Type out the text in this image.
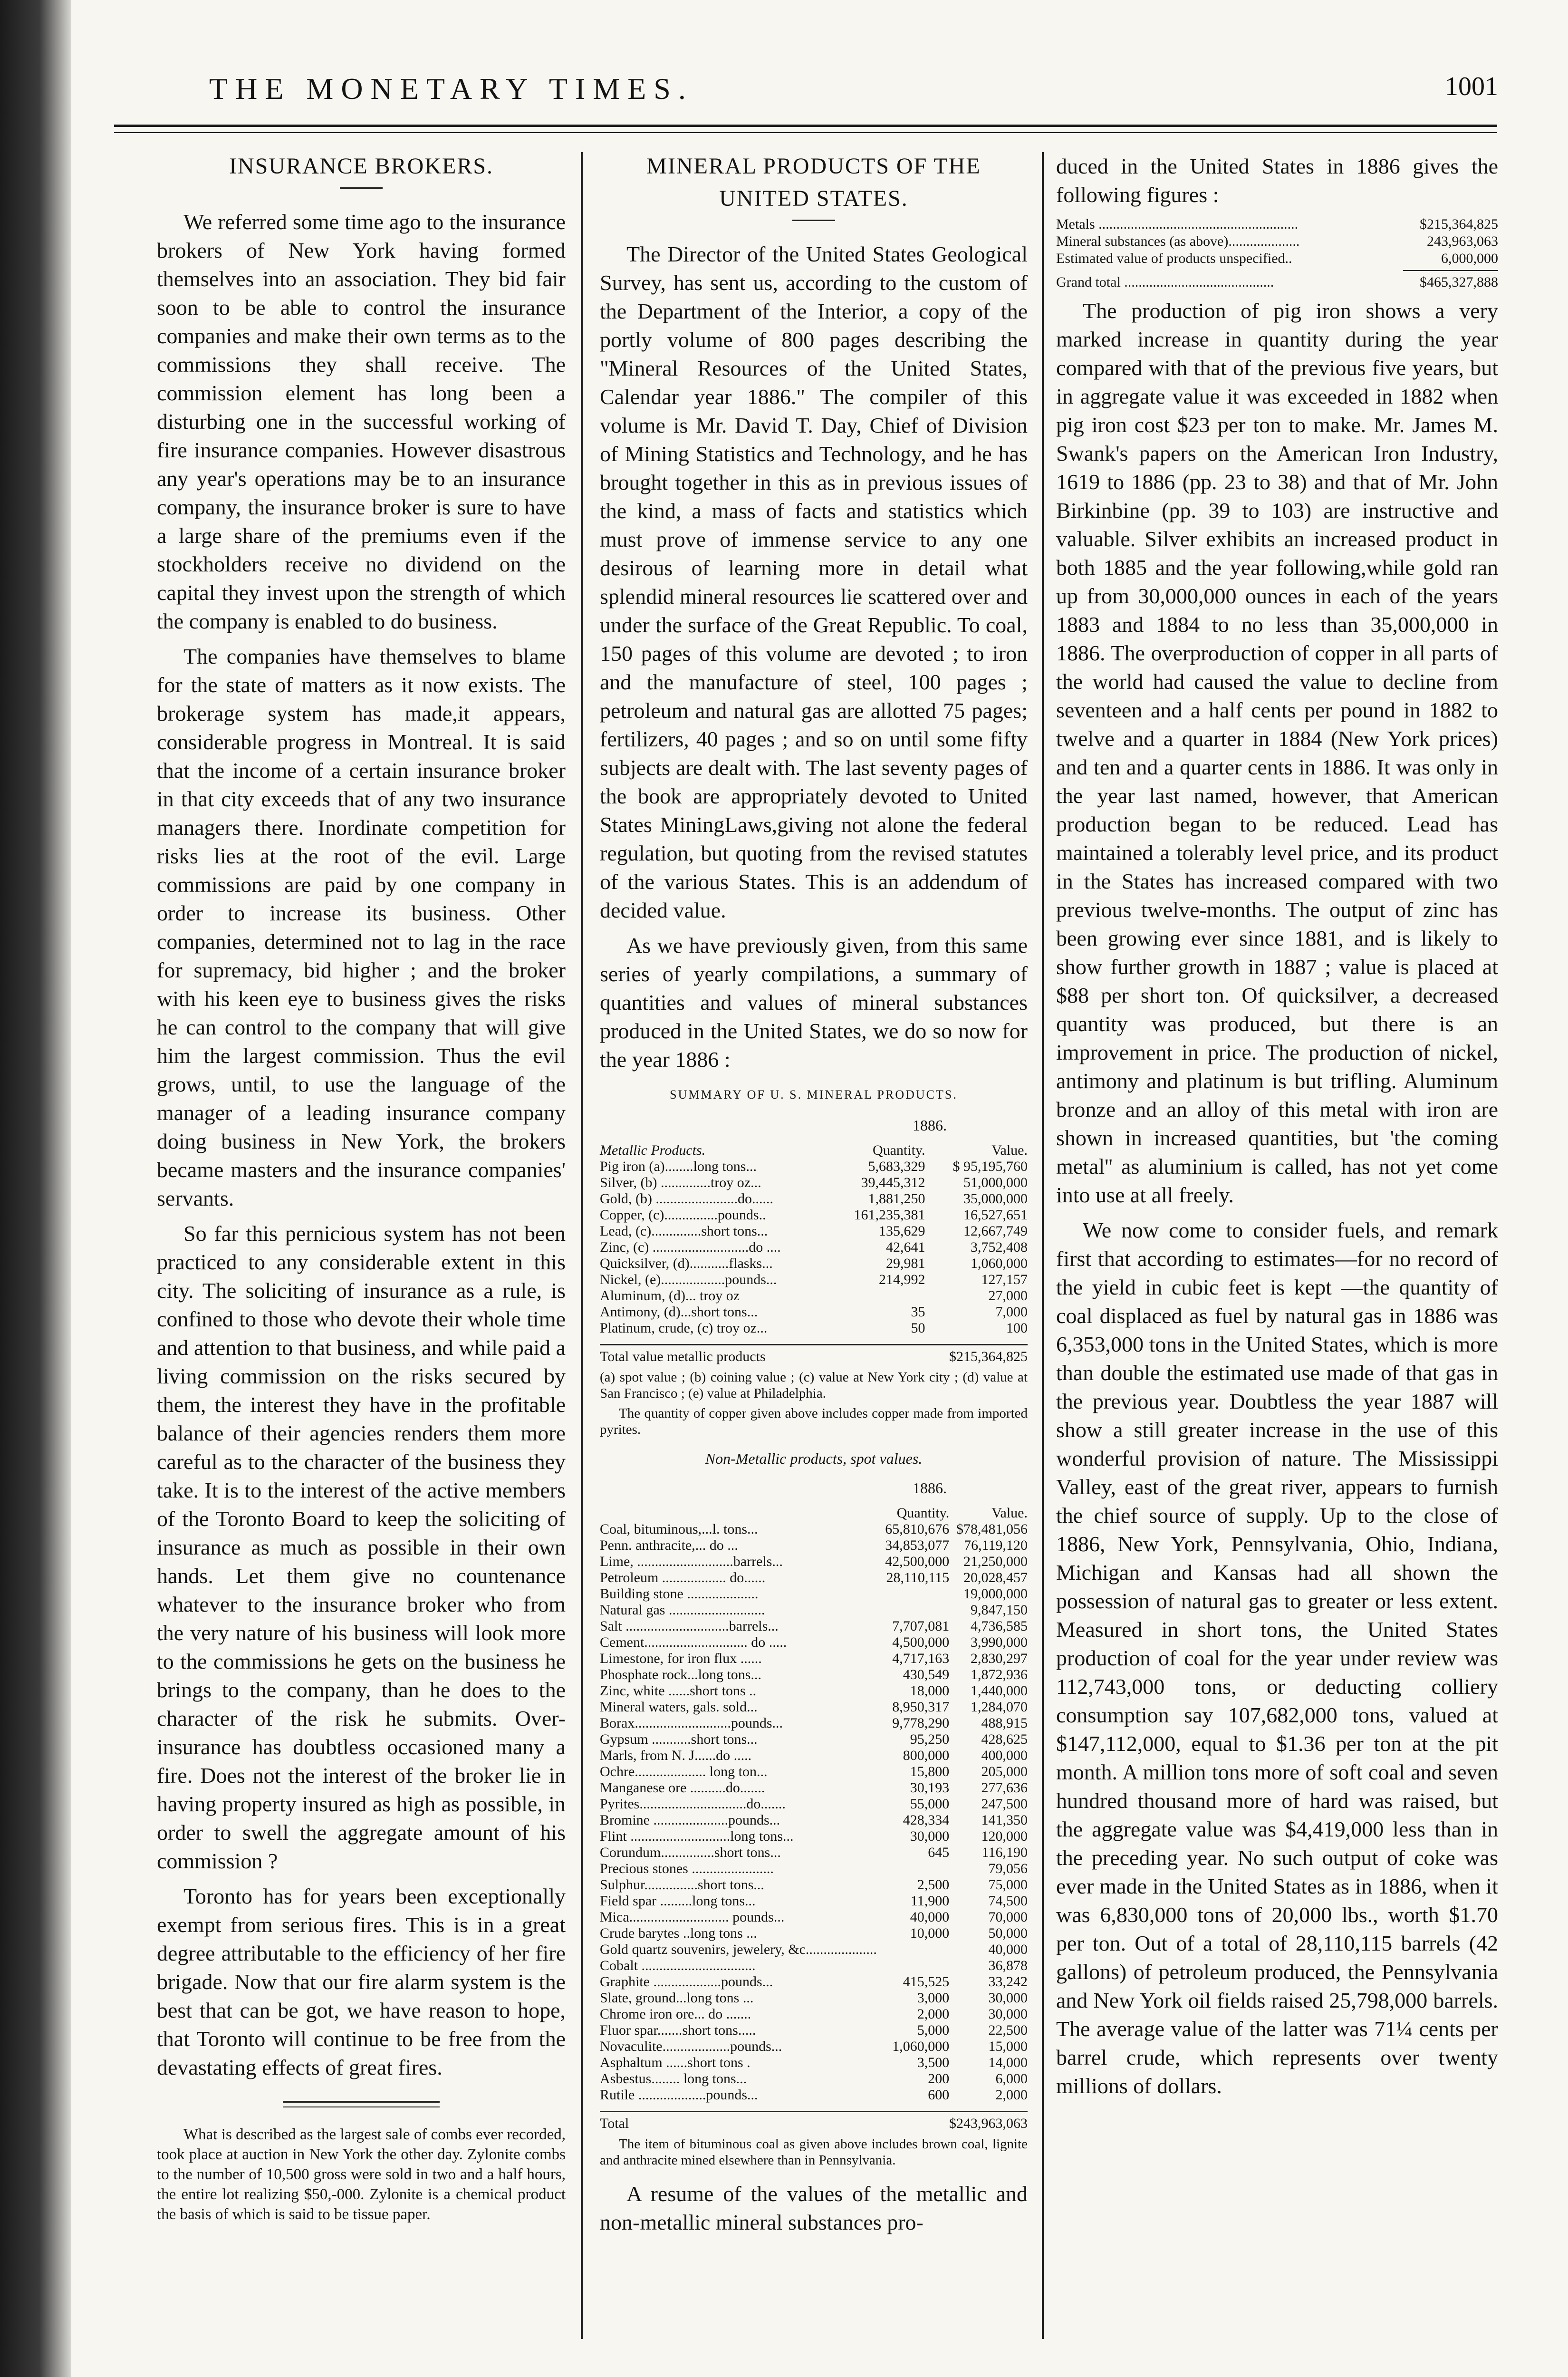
THE MONETARY TIMES.	1001
INSURANCE BROKERS.

We referred some time ago to the insurance brokers of New York having formed themselves into an association. They bid fair soon to be able to control the insurance companies and make their own terms as to the commissions they shall receive. The commission element has long been a disturbing one in the successful working of fire insurance companies. However disastrous any year's operations may be to an insurance company, the insurance broker is sure to have a large share of the premiums even if the stockholders receive no dividend on the capital they invest upon the strength of which the company is enabled to do business.

The companies have themselves to blame for the state of matters as it now exists. The brokerage system has made,it appears, considerable progress in Montreal. It is said that the income of a certain insurance broker in that city exceeds that of any two insurance managers there. Inordinate competition for risks lies at the root of the evil. Large commissions are paid by one company in order to increase its business. Other companies, determined not to lag in the race for supremacy, bid higher ; and the broker with his keen eye to business gives the risks he can control to the company that will give him the largest commission. Thus the evil grows, until, to use the language of the manager of a leading insurance company doing business in New York, the brokers became masters and the insurance companies' servants.

So far this pernicious system has not been practiced to any considerable extent in this city. The soliciting of insurance as a rule, is confined to those who devote their whole time and attention to that business, and while paid a living commission on the risks secured by them, the interest they have in the profitable balance of their agencies renders them more careful as to the character of the business they take. It is to the interest of the active members of the Toronto Board to keep the soliciting of insurance as much as possible in their own hands. Let them give no countenance whatever to the insurance broker who from the very nature of his business will look more to the commissions he gets on the business he brings to the company, than he does to the character of the risk he submits. Over-insurance has doubtless occasioned many a fire. Does not the interest of the broker lie in having property insured as high as possible, in order to swell the aggregate amount of his commission ?

Toronto has for years been exceptionally exempt from serious fires. This is in a great degree attributable to the efficiency of her fire brigade. Now that our fire alarm system is the best that can be got, we have reason to hope, that Toronto will continue to be free from the devastating effects of great fires.

What is described as the largest sale of combs ever recorded, took place at auction in New York the other day. Zylonite combs to the number of 10,500 gross were sold in two and a half hours, the entire lot realizing $50,-000. Zylonite is a chemical product the basis of which is said to be tissue paper.

MINERAL PRODUCTS OF THE
UNITED STATES.

The Director of the United States Geological Survey, has sent us, according to the custom of the Department of the Interior, a copy of the portly volume of 800 pages describing the "Mineral Resources of the United States, Calendar year 1886." The compiler of this volume is Mr. David T. Day, Chief of Division of Mining Statistics and Technology, and he has brought together in this as in previous issues of the kind, a mass of facts and statistics which must prove of immense service to any one desirous of learning more in detail what splendid mineral resources lie scattered over and under the surface of the Great Republic. To coal, 150 pages of this volume are devoted ; to iron and the manufacture of steel, 100 pages ; petroleum and natural gas are allotted 75 pages; fertilizers, 40 pages ; and so on until some fifty subjects are dealt with. The last seventy pages of the book are appropriately devoted to United States MiningLaws,giving not alone the federal regulation, but quoting from the revised statutes of the various States. This is an addendum of decided value.

As we have previously given, from this same series of yearly compilations, a summary of quantities and values of mineral substances produced in the United States, we do so now for the year 1886 :

SUMMARY OF U. S. MINERAL PRODUCTS.
1886.
Metallic Products.	Quantity.	Value.
Pig iron (a)........long tons...	5,683,329	$ 95,195,760
Silver, (b) ..............troy oz...	39,445,312	51,000,000
Gold, (b) .......................do......	1,881,250	35,000,000
Copper, (c)...............pounds..	161,235,381	16,527,651
Lead, (c)..............short tons...	135,629	12,667,749
Zinc, (c) ...........................do ....	42,641	3,752,408
Quicksilver, (d)...........flasks...	29,981	1,060,000
Nickel, (e)..................pounds...	214,992	127,157
Aluminum, (d)... troy oz		27,000
Antimony, (d)...short tons...	35	7,000
Platinum, crude, (c) troy oz...	50	100
Total value metallic products	$215,364,825
(a) spot value ; (b) coining value ; (c) value at New York city ; (d) value at San Francisco ; (e) value at Philadelphia.
The quantity of copper given above includes copper made from imported pyrites.
Non-Metallic products, spot values.
1886.
	Quantity.	Value.
Coal, bituminous,...l. tons...	65,810,676	$78,481,056
Penn. anthracite,... do ...	34,853,077	76,119,120
Lime, ...........................barrels...	42,500,000	21,250,000
Petroleum .................. do......	28,110,115	20,028,457
Building stone ....................		19,000,000
Natural gas ...........................		9,847,150
Salt .............................barrels...	7,707,081	4,736,585
Cement............................. do .....	4,500,000	3,990,000
Limestone, for iron flux ......	4,717,163	2,830,297
Phosphate rock...long tons...	430,549	1,872,936
Zinc, white ......short tons ..	18,000	1,440,000
Mineral waters, gals. sold...	8,950,317	1,284,070
Borax...........................pounds...	9,778,290	488,915
Gypsum ...........short tons...	95,250	428,625
Marls, from N. J......do .....	800,000	400,000
Ochre.................... long ton...	15,800	205,000
Manganese ore ..........do.......	30,193	277,636
Pyrites..............................do.......	55,000	247,500
Bromine .....................pounds...	428,334	141,350
Flint ............................long tons...	30,000	120,000
Corundum...............short tons...	645	116,190
Precious stones .......................		79,056
Sulphur...............short tons...	2,500	75,000
Field spar .........long tons...	11,900	74,500
Mica............................ pounds...	40,000	70,000
Crude barytes ..long tons ...	10,000	50,000
Gold quartz souvenirs, jewelery, &c....................		40,000
Cobalt ................................		36,878
Graphite ...................pounds...	415,525	33,242
Slate, ground...long tons ...	3,000	30,000
Chrome iron ore... do .......	2,000	30,000
Fluor spar.......short tons.....	5,000	22,500
Novaculite...................pounds...	1,060,000	15,000
Asphaltum ......short tons .	3,500	14,000
Asbestus........ long tons...	200	6,000
Rutile ...................pounds...	600	2,000
Total	$243,963,063
The item of bituminous coal as given above includes brown coal, lignite and anthracite mined elsewhere than in Pennsylvania.

A resume of the values of the metallic and non-metallic mineral substances pro-

duced in the United States in 1886 gives the following figures :

Metals ........................................................	$215,364,825
Mineral substances (as above)....................	243,963,063
Estimated value of products unspecified..	6,000,000
Grand total ..........................................	$465,327,888

The production of pig iron shows a very marked increase in quantity during the year compared with that of the previous five years, but in aggregate value it was exceeded in 1882 when pig iron cost $23 per ton to make. Mr. James M. Swank's papers on the American Iron Industry, 1619 to 1886 (pp. 23 to 38) and that of Mr. John Birkinbine (pp. 39 to 103) are instructive and valuable. Silver exhibits an increased product in both 1885 and the year following,while gold ran up from 30,000,000 ounces in each of the years 1883 and 1884 to no less than 35,000,000 in 1886. The overproduction of copper in all parts of the world had caused the value to decline from seventeen and a half cents per pound in 1882 to twelve and a quarter in 1884 (New York prices) and ten and a quarter cents in 1886. It was only in the year last named, however, that American production began to be reduced. Lead has maintained a tolerably level price, and its product in the States has increased compared with two previous twelve-months. The output of zinc has been growing ever since 1881, and is likely to show further growth in 1887 ; value is placed at $88 per short ton. Of quicksilver, a decreased quantity was produced, but there is an improvement in price. The production of nickel, antimony and platinum is but trifling. Aluminum bronze and an alloy of this metal with iron are shown in increased quantities, but 'the coming metal'' as aluminium is called, has not yet come into use at all freely.

We now come to consider fuels, and remark first that according to estimates—for no record of the yield in cubic feet is kept —the quantity of coal displaced as fuel by natural gas in 1886 was 6,353,000 tons in the United States, which is more than double the estimated use made of that gas in the previous year. Doubtless the year 1887 will show a still greater increase in the use of this wonderful provision of nature. The Mississippi Valley, east of the great river, appears to furnish the chief source of supply. Up to the close of 1886, New York, Pennsylvania, Ohio, Indiana, Michigan and Kansas had all shown the possession of natural gas to greater or less extent. Measured in short tons, the United States production of coal for the year under review was 112,743,000 tons, or deducting colliery consumption say 107,682,000 tons, valued at $147,112,000, equal to $1.36 per ton at the pit month. A million tons more of soft coal and seven hundred thousand more of hard was raised, but the aggregate value was $4,419,000 less than in the preceding year. No such output of coke was ever made in the United States as in 1886, when it was 6,830,000 tons of 20,000 lbs., worth $1.70 per ton. Out of a total of 28,110,115 barrels (42 gallons) of petroleum produced, the Pennsylvania and New York oil fields raised 25,798,000 barrels. The average value of the latter was 71¼ cents per barrel crude, which represents over twenty millions of dollars.
